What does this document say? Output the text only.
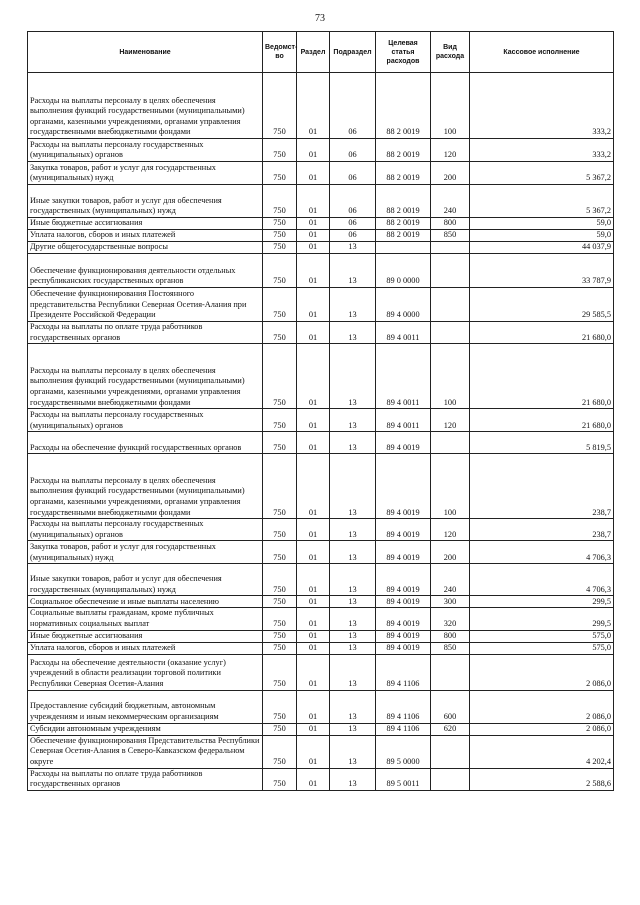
73
Наименование	Ведомст-во	Раздел	Подраздел	Целевая статья расходов	Вид расхода	Кассовое исполнение
Расходы на выплаты персоналу в целях обеспечения выполнения функций государственными (муниципальными) органами, казенными учреждениями, органами управления государственными внебюджетными фондами	750	01	06	88 2 0019	100	333,2
Расходы на выплаты персоналу государственных (муниципальных) органов	750	01	06	88 2 0019	120	333,2
Закупка товаров, работ и услуг для государственных (муниципальных) нужд	750	01	06	88 2 0019	200	5 367,2
Иные закупки товаров, работ и услуг для обеспечения государственных (муниципальных) нужд	750	01	06	88 2 0019	240	5 367,2
Иные бюджетные ассигнования	750	01	06	88 2 0019	800	59,0
Уплата налогов, сборов и иных платежей	750	01	06	88 2 0019	850	59,0
Другие общегосударственные вопросы	750	01	13			44 037,9
Обеспечение функционирования деятельности отдельных республиканских государственных органов	750	01	13	89 0 0000		33 787,9
Обеспечение функционирования Постоянного представительства Республики Северная Осетия-Алания при Президенте Российской Федерации	750	01	13	89 4 0000		29 585,5
Расходы на выплаты по оплате труда работников государственных органов	750	01	13	89 4 0011		21 680,0
Расходы на выплаты персоналу в целях обеспечения выполнения функций государственными (муниципальными) органами, казенными учреждениями, органами управления государственными внебюджетными фондами	750	01	13	89 4 0011	100	21 680,0
Расходы на выплаты персоналу государственных (муниципальных) органов	750	01	13	89 4 0011	120	21 680,0
Расходы на обеспечение функций государственных органов	750	01	13	89 4 0019		5 819,5
Расходы на выплаты персоналу в целях обеспечения выполнения функций государственными (муниципальными) органами, казенными учреждениями, органами управления государственными внебюджетными фондами	750	01	13	89 4 0019	100	238,7
Расходы на выплаты персоналу государственных (муниципальных) органов	750	01	13	89 4 0019	120	238,7
Закупка товаров, работ и услуг для государственных (муниципальных) нужд	750	01	13	89 4 0019	200	4 706,3
Иные закупки товаров, работ и услуг для обеспечения государственных (муниципальных) нужд	750	01	13	89 4 0019	240	4 706,3
Социальное обеспечение и иные выплаты населению	750	01	13	89 4 0019	300	299,5
Социальные выплаты гражданам, кроме публичных нормативных социальных выплат	750	01	13	89 4 0019	320	299,5
Иные бюджетные ассигнования	750	01	13	89 4 0019	800	575,0
Уплата налогов, сборов и иных платежей	750	01	13	89 4 0019	850	575,0
Расходы на обеспечение деятельности (оказание услуг) учреждений в области реализации торговой политики Республики Северная Осетия-Алания	750	01	13	89 4 1106		2 086,0
Предоставление субсидий бюджетным, автономным учреждениям и иным некоммерческим организациям	750	01	13	89 4 1106	600	2 086,0
Субсидии автономным учреждениям	750	01	13	89 4 1106	620	2 086,0
Обеспечение функционирования Представительства Республики Северная Осетия-Алания в Северо-Кавказском федеральном округе	750	01	13	89 5 0000		4 202,4
Расходы на выплаты по оплате труда работников государственных органов	750	01	13	89 5 0011		2 588,6
